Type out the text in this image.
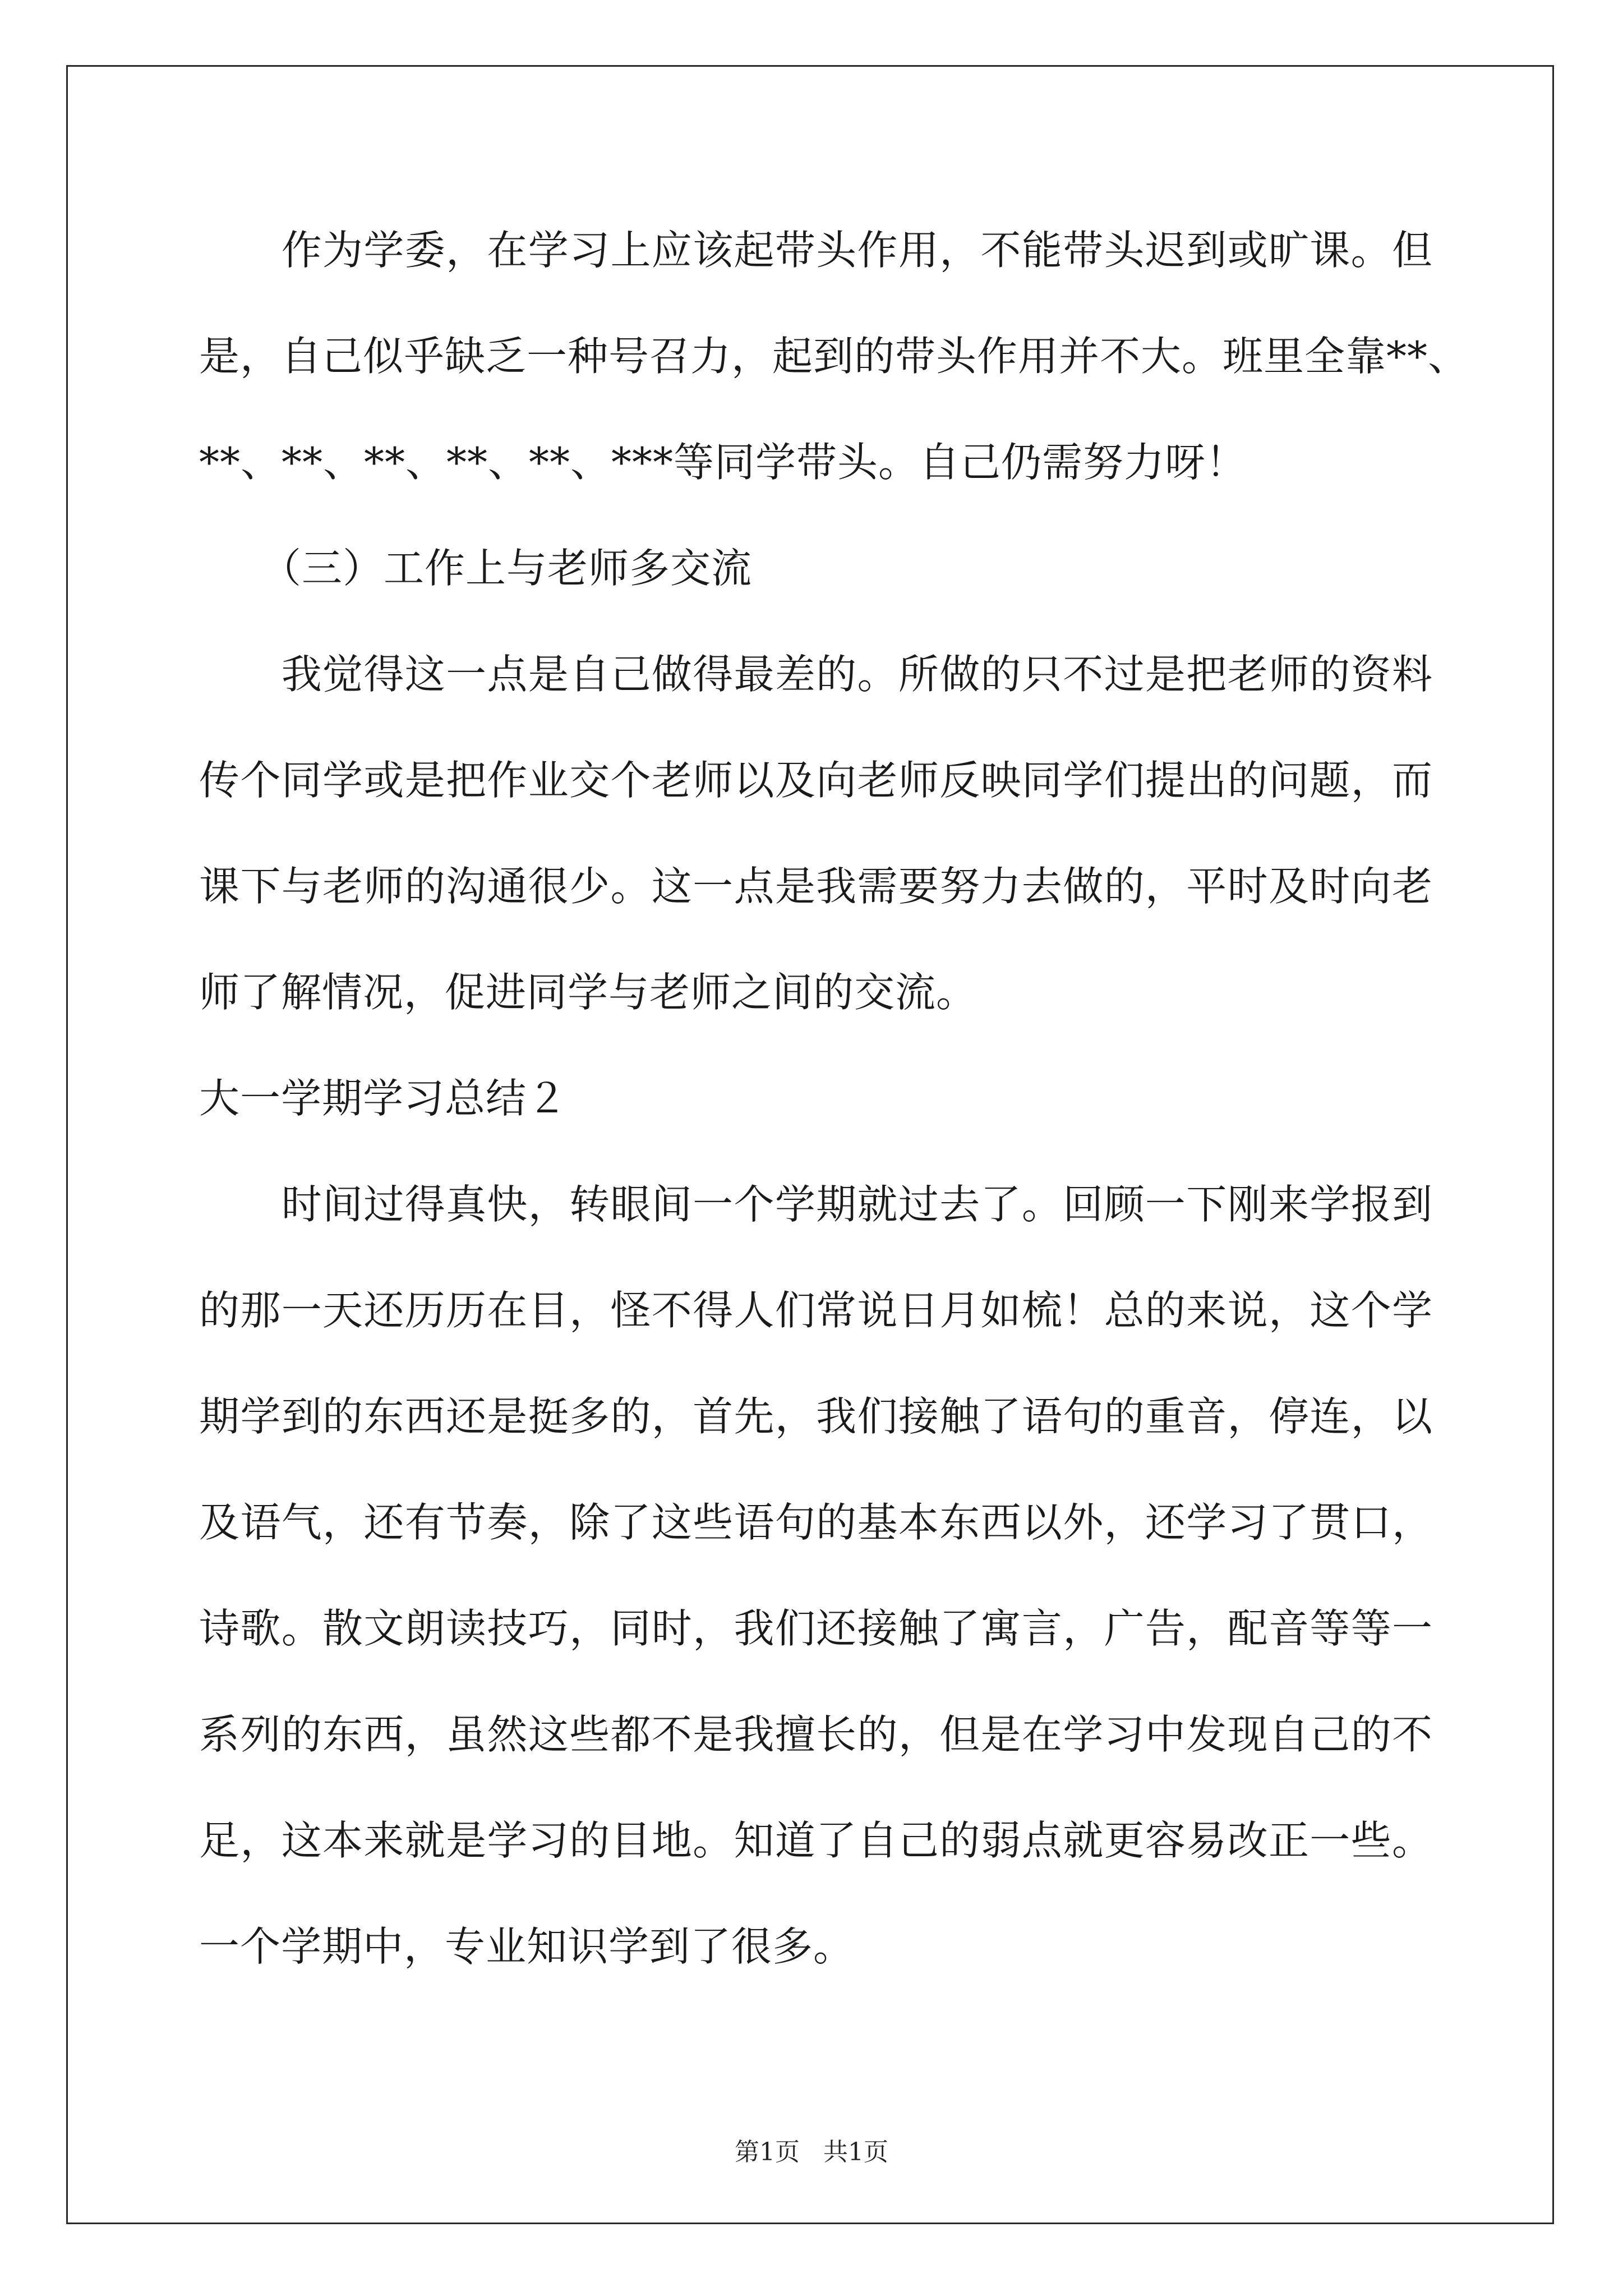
　　作为学委，在学习上应该起带头作用，不能带头迟到或旷课。但
是，自己似乎缺乏一种号召力，起到的带头作用并不大。班里全靠**、
**、**、**、**、**、***等同学带头。自己仍需努力呀！
　　（三）工作上与老师多交流
　　我觉得这一点是自己做得最差的。所做的只不过是把老师的资料
传个同学或是把作业交个老师以及向老师反映同学们提出的问题，而
课下与老师的沟通很少。这一点是我需要努力去做的，平时及时向老
师了解情况，促进同学与老师之间的交流。
大一学期学习总结２
　　时间过得真快，转眼间一个学期就过去了。回顾一下刚来学报到
的那一天还历历在目，怪不得人们常说日月如梳！总的来说，这个学
期学到的东西还是挺多的，首先，我们接触了语句的重音，停连，以
及语气，还有节奏，除了这些语句的基本东西以外，还学习了贯口，
诗歌。散文朗读技巧，同时，我们还接触了寓言，广告，配音等等一
系列的东西，虽然这些都不是我擅长的，但是在学习中发现自己的不
足，这本来就是学习的目地。知道了自己的弱点就更容易改正一些。
一个学期中，专业知识学到了很多。
第1页 共1页
